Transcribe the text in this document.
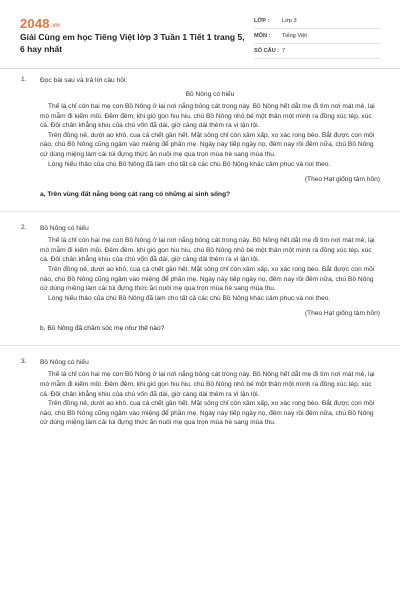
2048.vn
Giải Cùng em học Tiếng Việt lớp 3 Tuần 1 Tiết 1 trang 5, 6 hay nhất
LỚP :	Lớp 3
MÔN :	Tiếng Việt
SỐ CÂU : 7
1. Đọc bài sau và trả lời câu hỏi:
Bồ Nông có hiếu

Thế là chỉ còn hai mẹ con Bồ Nông ở lại nơi nắng bỏng cát trong này. Bồ Nông hết dắt mẹ đi tìm nơi mát mẻ, lại mò mẫm đi kiếm mồi. Đêm đêm, khi gió gọn hiu hiu, chú Bồ Nông nhỏ bé một thân một mình ra đồng xúc tép, xúc cá. Đôi chân khẳng khiu của chú vốn đã dài, giờ càng dài thêm ra vì lận lội.

Trên đồng nẻ, dưới ao khô, cua cá chết gần hết. Mặt sông chỉ còn xâm xấp, xo xác rong bèo. Bắt được con mồi nào, chú Bồ Nông cũng ngậm vào miệng để phần mẹ. Ngày này tiếp ngày nọ, đêm nay rồi đêm nữa, chú Bồ Nông cứ dùng miệng làm cái túi đựng thức ăn nuôi mẹ qua trọn mùa hè sang mùa thu.

Lòng hiếu thảo của chú Bồ Nông đã làm cho tất cả các chú Bồ Nông khác cảm phục và noi theo.

(Theo Hạt giống tâm hồn)
a, Trên vùng đất nắng bỏng cát rang có những ai sinh sống?
2. Bồ Nông có hiếu

Thế là chỉ còn hai mẹ con Bồ Nông ở lại nơi nắng bỏng cát trong này. Bồ Nông hết dắt mẹ đi tìm nơi mát mẻ, lại mò mẫm đi kiếm mồi. Đêm đêm, khi gió gọn hiu hiu, chú Bồ Nông nhỏ bé một thân một mình ra đồng xúc tép, xúc cá. Đôi chân khẳng khiu của chú vốn đã dài, giờ càng dài thêm ra vì lận lội.

Trên đồng nẻ, dưới ao khô, cua cá chết gần hết. Mặt sông chỉ còn xâm xấp, xo xác rong bèo. Bắt được con mồi nào, chú Bồ Nông cũng ngậm vào miệng để phần mẹ. Ngày này tiếp ngày nọ, đêm nay rồi đêm nữa, chú Bồ Nông cứ dùng miệng làm cái túi đựng thức ăn nuôi mẹ qua trọn mùa hè sang mùa thu.

Lòng hiếu thảo của chú Bồ Nông đã làm cho tất cả các chú Bồ Nông khác cảm phục và noi theo.

(Theo Hạt giống tâm hồn)
b, Bồ Nông đã chăm sóc mẹ như thế nào?
3. Bồ Nông có hiếu

Thế là chỉ còn hai mẹ con Bồ Nông ở lại nơi nắng bỏng cát trong này. Bồ Nông hết dắt mẹ đi tìm nơi mát mẻ, lại mò mẫm đi kiếm mồi. Đêm đêm, khi gió gọn hiu hiu, chú Bồ Nông nhỏ bé một thân một mình ra đồng xúc tép, xúc cá. Đôi chân khẳng khiu của chú vốn đã dài, giờ càng dài thêm ra vì lận lội.

Trên đồng nẻ, dưới ao khô, cua cá chết gần hết. Mặt sông chỉ còn xâm xấp, xo xác rong bèo. Bắt được con mồi nào, chú Bồ Nông cũng ngậm vào miệng để phần mẹ. Ngày này tiếp ngày nọ, đêm nay rồi đêm nữa, chú Bồ Nông cứ dùng miệng làm cái túi đựng thức ăn nuôi mẹ qua trọn mùa hè sang mùa thu.
